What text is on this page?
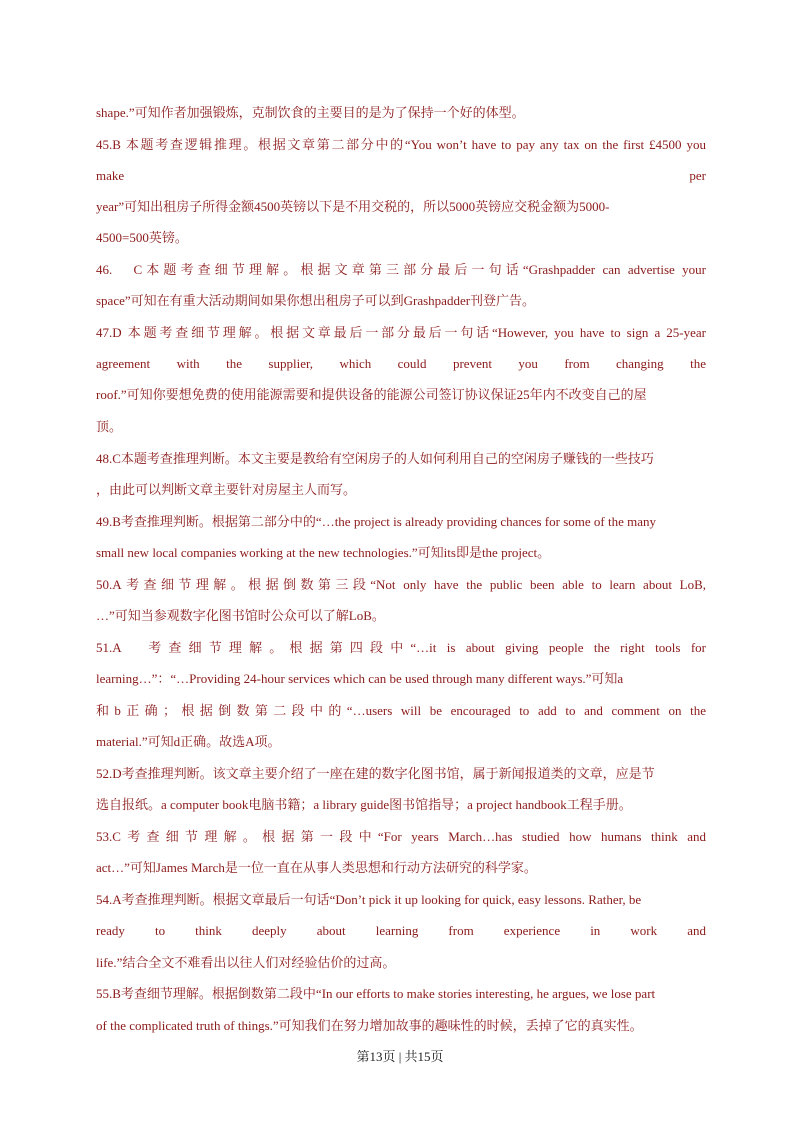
shape.”可知作者加强锻炼，克制饮食的主要目的是为了保持一个好的体型。
45.B 本题考查逻辑推理。根据文章第二部分中的“You won’t have to pay any tax on the first £4500 you
make	per
year”可知出租房子所得金额4500英镑以下是不用交税的，所以5000英镑应交税金额为5000-
4500=500英镑。
46.　C本题考查细节理解。根据文章第三部分最后一句话“Grashpadder can advertise your
space”可知在有重大活动期间如果你想出租房子可以到Grashpadder刊登广告。
47.D 本题考查细节理解。根据文章最后一部分最后一句话“However, you have to sign a 25-year
agreement with the supplier, which could prevent you from changing the
roof.”可知你要想免费的使用能源需要和提供设备的能源公司签订协议保证25年内不改变自己的屋
顶。
48.C本题考查推理判断。本文主要是教给有空闲房子的人如何利用自己的空闲房子赚钱的一些技巧
，由此可以判断文章主要针对房屋主人而写。
49.B考查推理判断。根据第二部分中的“…the project is already providing chances for some of the many
small new local companies working at the new technologies.”可知its即是the project。
50.A考查细节理解。根据倒数第三段“Not only have the public been able to learn about LoB,
…”可知当参观数字化图书馆时公众可以了解LoB。
51.A　考查细节理解。根据第四段中“…it is about giving people the right tools for
learning…”：“…Providing 24-hour services which can be used through many different ways.”可知a
和b正确；根据倒数第二段中的“…users will be encouraged to add to and comment on the
material.”可知d正确。故选A项。
52.D考查推理判断。该文章主要介绍了一座在建的数字化图书馆，属于新闻报道类的文章，应是节
选自报纸。a computer book电脑书籍；a library guide图书馆指导；a project handbook工程手册。
53.C考查细节理解。根据第一段中“For years March…has studied how humans think and
act…”可知James March是一位一直在从事人类思想和行动方法研究的科学家。
54.A考查推理判断。根据文章最后一句话“Don’t pick it up looking for quick, easy lessons. Rather, be
ready to think deeply about learning from experience in work and
life.”结合全文不难看出以往人们对经验估价的过高。
55.B考查细节理解。根据倒数第二段中“In our efforts to make stories interesting, he argues, we lose part
of the complicated truth of things.”可知我们在努力增加故事的趣味性的时候，丢掉了它的真实性。
第13页 | 共15页
